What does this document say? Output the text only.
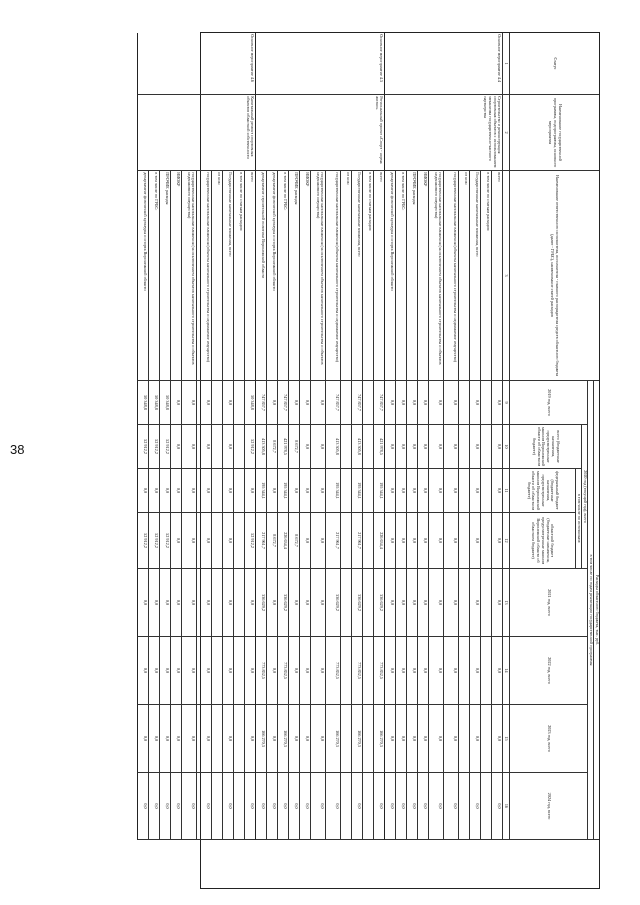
38
Статус
Наименование государственной программы, подпрограммы, основного мероприятия
Наименование ответственного исполнителя, исполнителя - главного распорядителя средств областного бюджета (далее - ГРБС), наименование статей расходов
Расходы областного бюджета, тыс. руб.
в том числе по годам реализации государственной программы
2019 год, всего
2020 год (текущий год), всего
в том числе по источникам:
всего (бюджетные назначения, предусмотренные законом Воронежской области об областном бюджете)
федеральный бюджет (бюджетные назначения, предусмотренные законом Воронежской области об областном бюджете)
областной бюджет (бюджетные назначения, предусмотренные законом Воронежской области об областном бюджете)
2021 год, всего
2022 год, всего
2023 год, всего
2024 год, всего
1
2
3
9
10
11
12
13
14
15
16
Основное мероприятие 4.4
Строительство и реконструкция спортивных объектов с использованием механизма государственно-частного партнерства
всего
0,0
0,0
0,0
0,0
0,0
0,0
0,0
0,0
в том числе по статьям расходов:
Государственные капитальные вложения, всего
0,0
0,0
0,0
0,0
0,0
0,0
0,0
0,0
из них:
государственные капитальные вложения (объекты капитального строительства и недвижимое имущество)
0,0
0,0
0,0
0,0
0,0
0,0
0,0
0,0
государственные капитальные вложения (за исключением объектов капитального строительства и объектов недвижимого имущества)
0,0
0,0
0,0
0,0
0,0
0,0
0,0
0,0
НИОКР
0,0
0,0
0,0
0,0
0,0
0,0
0,0
0,0
ПРОЧИЕ расходы
0,0
0,0
0,0
0,0
0,0
0,0
0,0
0,0
в том числе по ГРБС:
0,0
0,0
0,0
0,0
0,0
0,0
0,0
0,0
департамент физической культуры и спорта Воронежской области
0,0
0,0
0,0
0,0
0,0
0,0
0,0
0,0
Основное мероприятие 4.5
Региональный проект «Спорт - норма жизни»
всего
747 857,7
421 978,5
195 344,1
226 634,4
336 629,2
773 852,5
166 270,3
0,0
в том числе по статьям расходов:
Государственные капитальные вложения, всего
747 857,7
413 305,8
195 344,1
217 961,7
336 629,2
773 852,5
166 270,3
0,0
из них:
государственные капитальные вложения (объекты капитального строительства и недвижимое имущество)
747 857,7
413 305,8
195 344,1
217 961,7
336 629,2
773 852,5
166 270,3
0,0
государственные капитальные вложения (за исключением объектов капитального строительства и объектов недвижимого имущества)
0,0
0,0
0,0
0,0
0,0
0,0
0,0
0,0
НИОКР
0,0
0,0
0,0
0,0
0,0
0,0
0,0
0,0
ПРОЧИЕ расходы
0,0
8 672,7
0,0
8 672,7
0,0
0,0
0,0
0,0
в том числе по ГРБС:
747 857,7
421 978,5
195 344,1
226 634,4
336 629,2
773 852,5
166 270,3
0,0
департамент физической культуры и спорта Воронежской области
0,0
8 672,7
0,0
8 672,7
0,0
0,0
0,0
0,0
департамент строительной политики Воронежской области
747 857,7
413 305,8
195 344,1
217 961,7
336 629,2
773 852,5
166 270,3
0,0
Основное мероприятие 4.6
Капитальный ремонт спортивных объектов областной собственности
всего
50 348,8
52 912,2
0,0
52 912,2
0,0
0,0
0,0
0,0
в том числе по статьям расходов:
Государственные капитальные вложения, всего
0,0
0,0
0,0
0,0
0,0
0,0
0,0
0,0
из них:
государственные капитальные вложения (объекты капитального строительства и недвижимое имущество)
0,0
0,0
0,0
0,0
0,0
0,0
0,0
0,0
государственные капитальные вложения (за исключением объектов капитального строительства и объектов недвижимого имущества)
0,0
0,0
0,0
0,0
0,0
0,0
0,0
0,0
НИОКР
0,0
0,0
0,0
0,0
0,0
0,0
0,0
0,0
ПРОЧИЕ расходы
50 348,8
52 912,2
0,0
52 912,2
0,0
0,0
0,0
0,0
в том числе по ГРБС:
50 348,8
52 912,2
0,0
52 912,2
0,0
0,0
0,0
0,0
департамент физической культуры и спорта Воронежской области
50 348,8
52 912,2
0,0
52 912,2
0,0
0,0
0,0
0,0
